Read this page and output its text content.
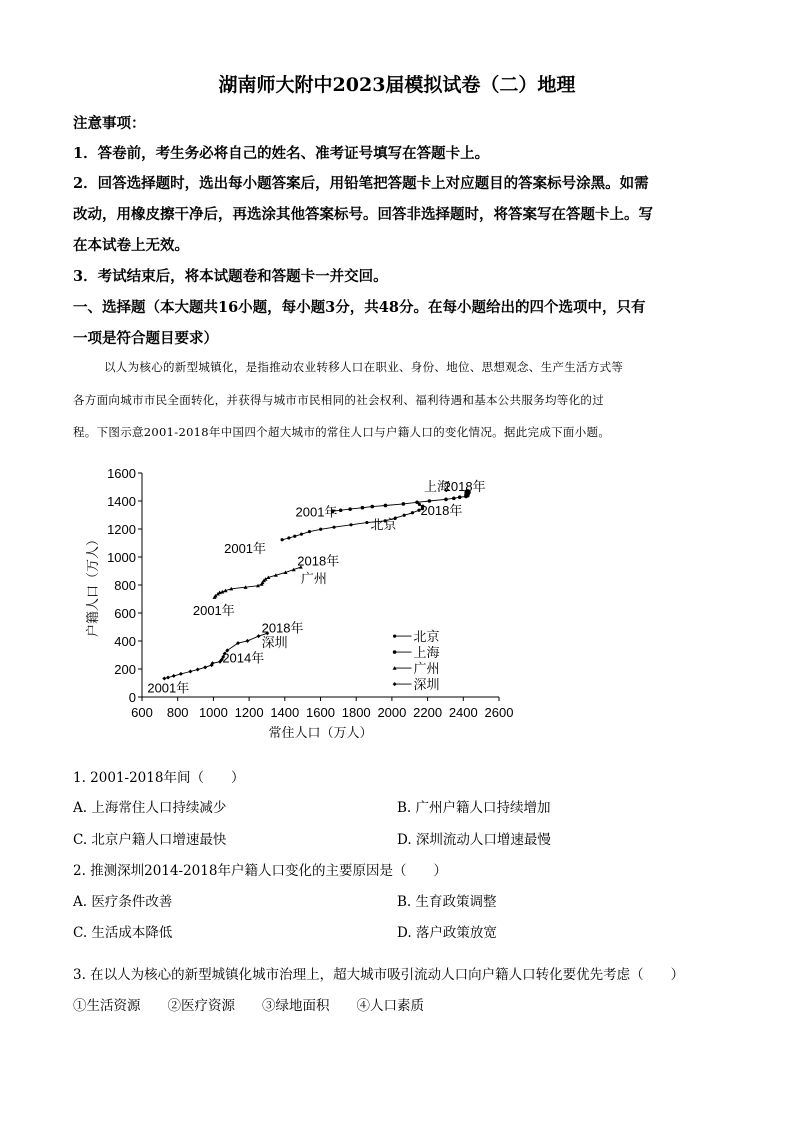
湖南师大附中2023届模拟试卷（二）地理
注意事项：
1．答卷前，考生务必将自己的姓名、准考证号填写在答题卡上。
2．回答选择题时，选出每小题答案后，用铅笔把答题卡上对应题目的答案标号涂黑。如需
改动，用橡皮擦干净后，再选涂其他答案标号。回答非选择题时，将答案写在答题卡上。写
在本试卷上无效。
3．考试结束后，将本试题卷和答题卡一并交回。
一、选择题（本大题共16小题，每小题3分，共48分。在每小题给出的四个选项中，只有
一项是符合题目要求）
以人为核心的新型城镇化，是指推动农业转移人口在职业、身份、地位、思想观念、生产生活方式等
各方面向城市市民全面转化，并获得与城市市民相同的社会权利、福利待遇和基本公共服务均等化的过
程。下图示意2001-2018年中国四个超大城市的常住人口与户籍人口的变化情况。据此完成下面小题。
600 800 1000 1200 1400 1600 1800 2000 2200 2400 2600
0
200
400
600
800
1000
1200
1400
1600
常住人口（万人）
户籍人口（万人）
上海
2018年
2001年	2018年
北京
2001年
2018年
广州
2001年
2018年
深圳
2014年
2001年
北京
上海
广州
深圳
1. 2001-2018年间（　　）
A. 上海常住人口持续减少	B. 广州户籍人口持续增加
C. 北京户籍人口增速最快	D. 深圳流动人口增速最慢
2. 推测深圳2014-2018年户籍人口变化的主要原因是（　　）
A. 医疗条件改善	B. 生育政策调整
C. 生活成本降低	D. 落户政策放宽
3. 在以人为核心的新型城镇化城市治理上，超大城市吸引流动人口向户籍人口转化要优先考虑（　　）
①生活资源　　②医疗资源　　③绿地面积　　④人口素质
